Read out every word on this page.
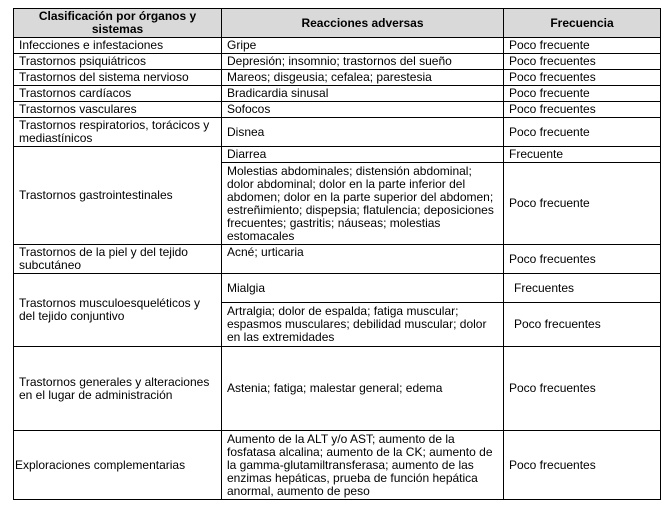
Clasificación por órganos y sistemas	Reacciones adversas	Frecuencia
Infecciones e infestaciones	Gripe	Poco frecuente
Trastornos psiquiátricos	Depresión; insomnio; trastornos del sueño	Poco frecuentes
Trastornos del sistema nervioso	Mareos; disgeusia; cefalea; parestesia	Poco frecuentes
Trastornos cardíacos	Bradicardia sinusal	Poco frecuente
Trastornos vasculares	Sofocos	Poco frecuentes
Trastornos respiratorios, torácicos y mediastínicos	Disnea	Poco frecuente
Trastornos gastrointestinales	Diarrea	Frecuente
	Molestias abdominales; distensión abdominal; dolor abdominal; dolor en la parte inferior del abdomen; dolor en la parte superior del abdomen; estreñimiento; dispepsia; flatulencia; deposiciones frecuentes; gastritis; náuseas; molestias estomacales	Poco frecuente
Trastornos de la piel y del tejido subcutáneo	Acné; urticaria	Poco frecuentes
Trastornos musculoesqueléticos y del tejido conjuntivo	Mialgia	Frecuentes
	Artralgia; dolor de espalda; fatiga muscular; espasmos musculares; debilidad muscular; dolor en las extremidades	Poco frecuentes
Trastornos generales y alteraciones en el lugar de administración	Astenia; fatiga; malestar general; edema	Poco frecuentes
Exploraciones complementarias	Aumento de la ALT y/o AST; aumento de la fosfatasa alcalina; aumento de la CK; aumento de la gamma-glutamiltransferasa; aumento de las enzimas hepáticas, prueba de función hepática anormal, aumento de peso	Poco frecuentes
